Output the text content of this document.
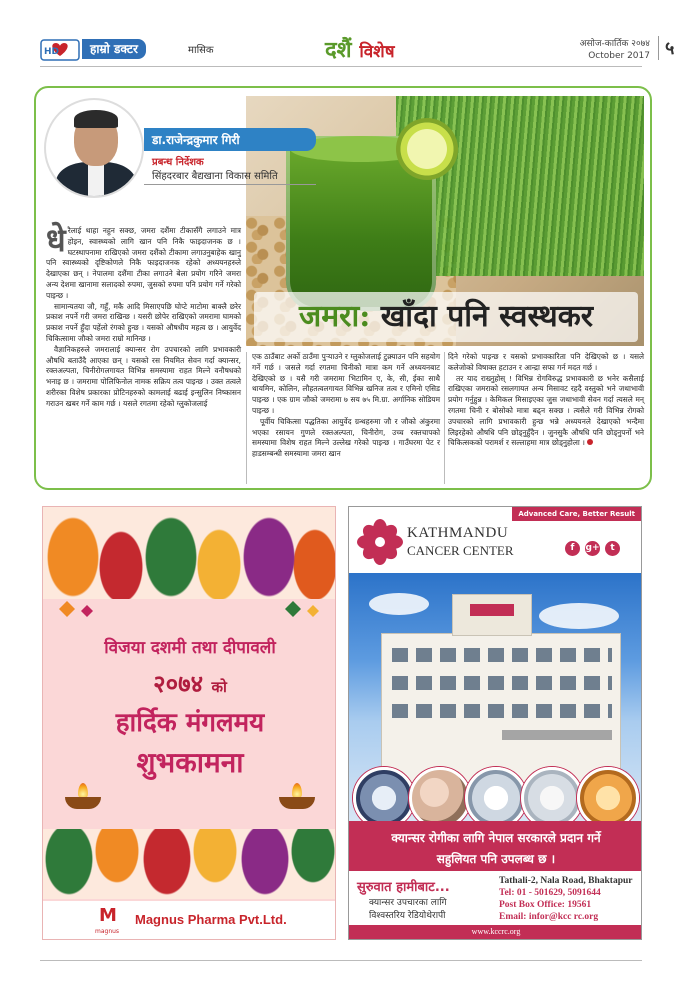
HD	हाम्रो डक्टर	मासिक	दशैं विशेष	असोज-कार्तिक २०७४
October 2017 ५
जमरा: खाँदा पनि स्वस्थकर
डा.राजेन्द्रकुमार गिरी
प्रबन्ध निर्देशक
सिंहदरबार बैद्यखाना विकास समिति
धे रैलाई थाहा नहुन सक्छ, जमरा दशैंमा टीकासँगै लगाउने मात्र होइन, स्वास्थ्यको लागि खान पनि निकै फाइदाजनक छ । घटस्थापनामा राखिएको जमरा दशैंको टीकामा लगाउनुबाहेक खानु पनि स्वास्थ्यको दृष्टिकोणले निकै फाइदाजनक रहेको अध्ययनहरुले देखाएका छन् । नेपालमा दशैंमा टीका लगाउने बेला प्रयोग गरिने जमरा अन्य देशमा खानामा सलादको रुपमा, जुसको रुपमा पनि प्रयोग गर्ने गरेको पाइन्छ ।

सामान्यतया जौ, गहुँ, मकै आदि मिसाएपछि घोप्टे माटोमा बाक्लै छरेर प्रकाश नपर्ने गरी जमरा राखिन्छ । यसरी छोपेर राखिएको जमरामा घामको प्रकाश नपर्ने हुँदा पहेंलो रंगको हुन्छ । यसको औषधीय महत्व छ । आयुर्वेद चिकित्सामा जौको जमरा राम्रो मानिन्छ ।

वैज्ञानिकहरुले जमरालाई क्यान्सर रोग उपचारको लागि प्रभावकारी औषधि बताउँदै आएका छन् । यसको रस नियमित सेवन गर्दा क्यान्सर, रक्तअल्पता, चिनीरोगलगायत विभिन्न समस्यामा राहत मिल्ने वनौषधको भनाइ छ । जमरामा पोलिफिनोल नामक सक्रिय तत्व पाइन्छ । उक्त तत्वले शरीरका विशेष प्रकारका प्रोटिनहरुको कामलाई बढाई इन्सुलिन निष्कासन गराउन खबर गर्ने काम गर्छ । यसले रगतमा रहेको ग्लुकोजलाई

एक ठाउँबाट अर्को ठाउँमा पुऱ्याउने र ग्लुकोजलाई टुक्र्याउन पनि सहयोग गर्ने गर्छ । जसले गर्दा रगतमा चिनीको मात्रा कम गर्ने अध्ययनबाट देखिएको छ । यसै गरी जमरामा भिटामिन ए, के, सी, ईका साथै थायमिन, कोलिन, लौहतत्वलगायत विभिन्न खनिज तत्व र एमिनो एसिड पाइन्छ । एक ग्राम जौको जमरामा ७ सय ७५ मि.ग्रा. अर्गानिक सोडियम पाइन्छ ।

पूर्वीय चिकित्सा पद्धतिका आयुर्वेद ग्रन्थहरुमा जौ र जौको अंकुरमा भएका रसायन गुणले रक्तअल्पता, चिनीरोग, उच्च रक्तचापको समस्यामा विशेष राहत मिल्ने उल्लेख गरेको पाइन्छ । गाउँघरमा पेट र हाडसम्बन्धी समस्यामा जमरा खान

दिने गरेको पाइन्छ र यसको प्रभावकारिता पनि देखिएको छ । यसले कलेजोको विषाक्त हटाउन र आन्द्रा सफा गर्न मदत गर्छ ।

तर याद राख्नुहोस् ! विभिन्न रोगविरुद्ध प्रभावकारी छ भनेर कसैलाई राखिएका जमराको रसलगायत अन्य मिसावट रहदै वस्तुको भने जथाभावी प्रयोग गर्नुहुन्न । केमिकल मिसाइएका जुस जथाभावी सेवन गर्दा त्यसले मन् रगतमा चिनी र बोसोको मात्रा बढ्न सक्छ । त्यसैले गरी विभिन्न रोगको उपचारको लागि प्रभावकारी हुन्छ भन्ने अध्ययनले देखाएको भन्दैमा लिइरहेको औषधि पनि छोड्नुहुँदैन । जुनसुकै औषधि पनि छोड्नुपर्नो भने चिकित्सकको परामर्श र सल्लाहमा मात्र छोड्नुहोला ।

विजया दशमी तथा दीपावली
२०७४ को
हार्दिक मंगलमय
शुभकामना
M
magnus
Magnus Pharma Pvt.Ltd.
Advanced Care, Better Result
KATHMANDU
CANCER CENTER	f	g+	t
क्यान्सर रोगीका लागि नेपाल सरकारले प्रदान गर्ने
सहुलियत पनि उपलब्ध छ ।
सुरुवात हामीबाट...
क्यान्सर उपचारका लागि
विश्वस्तरिय रेडियोथेरापी
Tathali-2, Nala Road, Bhaktapur
Tel: 01 - 501629, 5091644
Post Box Office: 19561
Email: infor@kcc rc.org
www.kccrc.org
